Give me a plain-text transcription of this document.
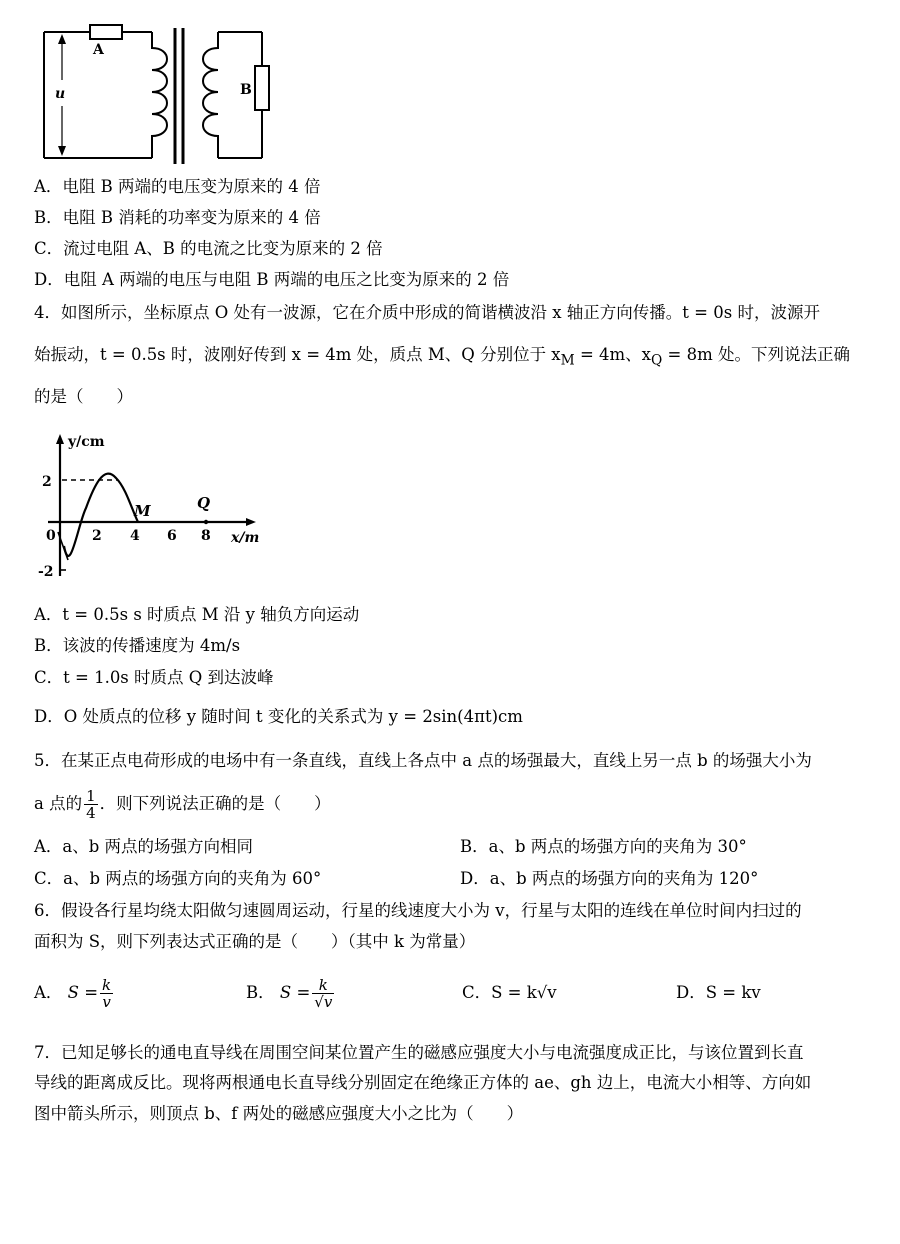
A
B
u
A．电阻 B 两端的电压变为原来的 4 倍
B．电阻 B 消耗的功率变为原来的 4 倍
C．流过电阻 A、B 的电流之比变为原来的 2 倍
D．电阻 A 两端的电压与电阻 B 两端的电压之比变为原来的 2 倍
4．如图所示，坐标原点 O 处有一波源，它在介质中形成的简谐横波沿 x 轴正方向传播。t = 0s 时，波源开
始振动，t = 0.5s 时，波刚好传到 x = 4m 处，质点 M、Q 分别位于 $x_M = 4m$、$x_Q = 8m$ 处。下列说法正确
的是（　　）
y/cm
2
-2
0	2 4 6 8 x/m
M	Q
A．t = 0.5s s 时质点 M 沿 y 轴负方向运动
B．该波的传播速度为 4m/s
C．t = 1.0s 时质点 Q 到达波峰
D．O 处质点的位移 y 随时间 t 变化的关系式为 y = 2sin(4πt)cm
5．在某正点电荷形成的电场中有一条直线，直线上各点中 a 点的场强最大，直线上另一点 b 的场强大小为
a 点的 $\frac{1}{4}$ ．则下列说法正确的是（　　）
A．a、b 两点的场强方向相同	B．a、b 两点的场强方向的夹角为 30°
C．a、b 两点的场强方向的夹角为 60°	D．a、b 两点的场强方向的夹角为 120°
6．假设各行星均绕太阳做匀速圆周运动，行星的线速度大小为 v，行星与太阳的连线在单位时间内扫过的
面积为 S，则下列表达式正确的是（　　）（其中 k 为常量）
A． $S = \frac{k}{v}$	B． $S = \frac{k}{√v}$	C．S = k√v	D．S = kv
7．已知足够长的通电直导线在周围空间某位置产生的磁感应强度大小与电流强度成正比，与该位置到长直
导线的距离成反比。现将两根通电长直导线分别固定在绝缘正方体的 ae、gh 边上，电流大小相等、方向如
图中箭头所示，则顶点 b、f 两处的磁感应强度大小之比为（　　）
